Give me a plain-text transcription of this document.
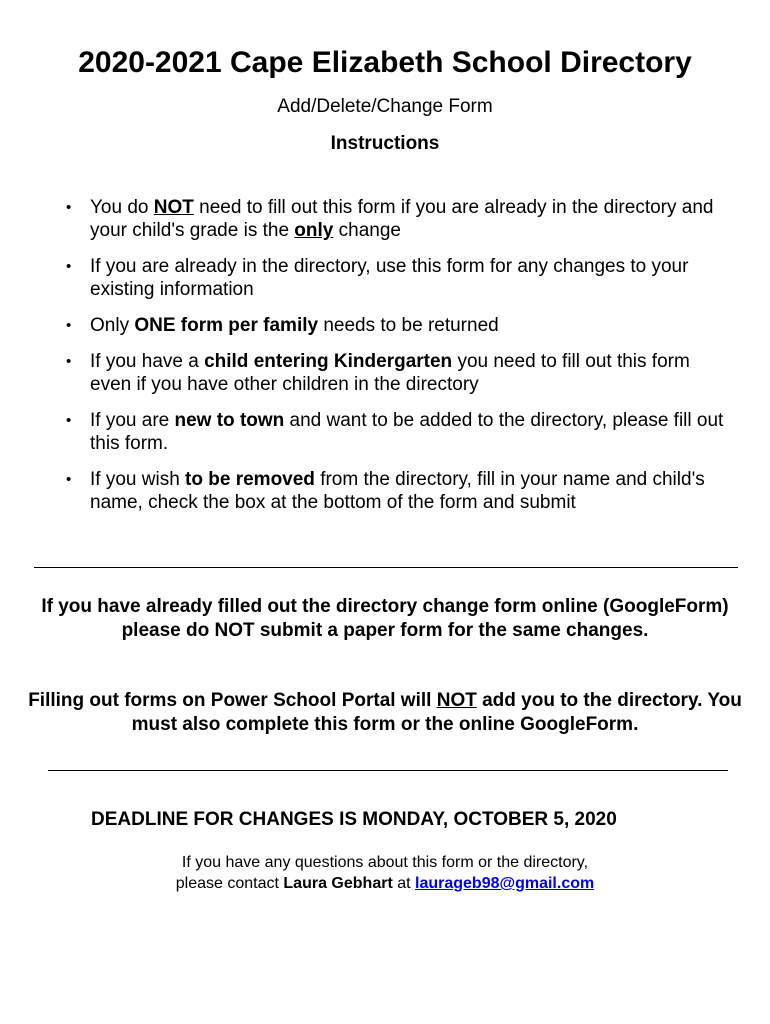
2020-2021 Cape Elizabeth School Directory
Add/Delete/Change Form
Instructions
• You do NOT need to fill out this form if you are already in the directory and your child's grade is the only change
• If you are already in the directory, use this form for any changes to your existing information
• Only ONE form per family needs to be returned
• If you have a child entering Kindergarten you need to fill out this form even if you have other children in the directory
• If you are new to town and want to be added to the directory, please fill out this form.
• If you wish to be removed from the directory, fill in your name and child's name, check the box at the bottom of the form and submit
If you have already filled out the directory change form online (GoogleForm) please do NOT submit a paper form for the same changes.
Filling out forms on Power School Portal will NOT add you to the directory. You must also complete this form or the online GoogleForm.
DEADLINE FOR CHANGES IS MONDAY, OCTOBER 5, 2020
If you have any questions about this form or the directory,
please contact Laura Gebhart at laurageb98@gmail.com
